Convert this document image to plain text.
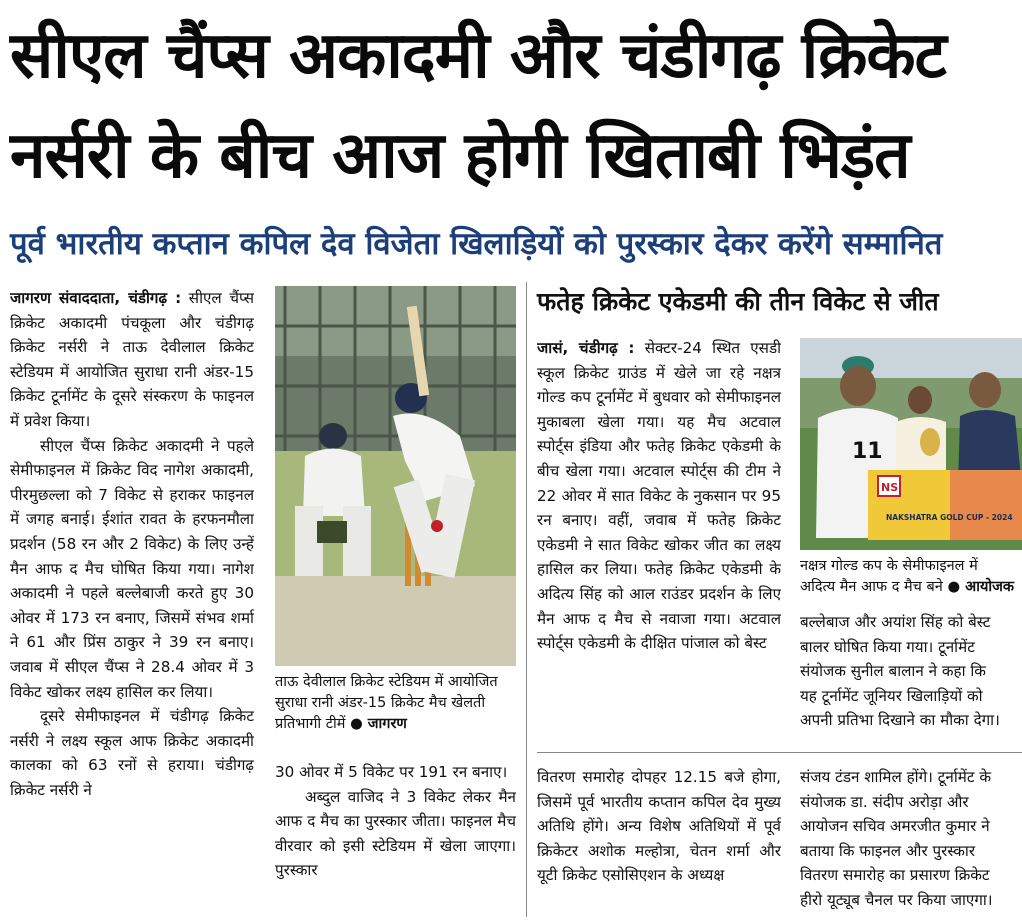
सीएल चैंप्स अकादमी और चंडीगढ़ क्रिकेट
नर्सरी के बीच आज होगी खिताबी भिड़ंत
पूर्व भारतीय कप्तान कपिल देव विजेता खिलाड़ियों को पुरस्कार देकर करेंगे सम्मानित

जागरण संवाददाता, चंडीगढ़ : सीएल चैंप्स क्रिकेट अकादमी पंचकूला और चंडीगढ़ क्रिकेट नर्सरी ने ताऊ देवीलाल क्रिकेट स्टेडियम में आयोजित सुराधा रानी अंडर-15 क्रिकेट टूर्नामेंट के दूसरे संस्करण के फाइनल में प्रवेश किया।

सीएल चैंप्स क्रिकेट अकादमी ने पहले सेमीफाइनल में क्रिकेट विद नागेश अकादमी, पीरमुछल्ला को 7 विकेट से हराकर फाइनल में जगह बनाई। ईशांत रावत के हरफनमौला प्रदर्शन (58 रन और 2 विकेट) के लिए उन्हें मैन आफ द मैच घोषित किया गया। नागेश अकादमी ने पहले बल्लेबाजी करते हुए 30 ओवर में 173 रन बनाए, जिसमें संभव शर्मा ने 61 और प्रिंस ठाकुर ने 39 रन बनाए। जवाब में सीएल चैंप्स ने 28.4 ओवर में 3 विकेट खोकर लक्ष्य हासिल कर लिया।

दूसरे सेमीफाइनल में चंडीगढ़ क्रिकेट नर्सरी ने लक्ष्य स्कूल आफ क्रिकेट अकादमी कालका को 63 रनों से हराया। चंडीगढ़ क्रिकेट नर्सरी ने

ताऊ देवीलाल क्रिकेट स्टेडियम में आयोजित सुराधा रानी अंडर-15 क्रिकेट मैच खेलती प्रतिभागी टीमें ● जागरण

30 ओवर में 5 विकेट पर 191 रन बनाए।

अब्दुल वाजिद ने 3 विकेट लेकर मैन आफ द मैच का पुरस्कार जीता। फाइनल मैच वीरवार को इसी स्टेडियम में खेला जाएगा। पुरस्कार

फतेह क्रिकेट एकेडमी की तीन विकेट से जीत

जासं, चंडीगढ़ : सेक्टर-24 स्थित एसडी स्कूल क्रिकेट ग्राउंड में खेले जा रहे नक्षत्र गोल्ड कप टूर्नामेंट में बुधवार को सेमीफाइनल मुकाबला खेला गया। यह मैच अटवाल स्पोर्ट्स इंडिया और फतेह क्रिकेट एकेडमी के बीच खेला गया। अटवाल स्पोर्ट्स की टीम ने 22 ओवर में सात विकेट के नुकसान पर 95 रन बनाए। वहीं, जवाब में फतेह क्रिकेट एकेडमी ने सात विकेट खोकर जीत का लक्ष्य हासिल कर लिया। फतेह क्रिकेट एकेडमी के अदित्य सिंह को आल राउंडर प्रदर्शन के लिए मैन आफ द मैच से नवाजा गया। अटवाल स्पोर्ट्स एकेडमी के दीक्षित पांजाल को बेस्ट

11
NS
NAKSHATRA GOLD CUP - 2024
नक्षत्र गोल्ड कप के सेमीफाइनल में
अदित्य मैन आफ द मैच बने ● आयोजक
बल्लेबाज और अयांश सिंह को बेस्ट
बालर घोषित किया गया। टूर्नामेंट
संयोजक सुनील बालान ने कहा कि
यह टूर्नामेंट जूनियर खिलाड़ियों को
अपनी प्रतिभा दिखाने का मौका देगा।

वितरण समारोह दोपहर 12.15 बजे होगा, जिसमें पूर्व भारतीय कप्तान कपिल देव मुख्य अतिथि होंगे। अन्य विशेष अतिथियों में पूर्व क्रिकेटर अशोक मल्होत्रा, चेतन शर्मा और यूटी क्रिकेट एसोसिएशन के अध्यक्ष

संजय टंडन शामिल होंगे। टूर्नामेंट के
संयोजक डा. संदीप अरोड़ा और
आयोजन सचिव अमरजीत कुमार ने
बताया कि फाइनल और पुरस्कार
वितरण समारोह का प्रसारण क्रिकेट
हीरो यूट्यूब चैनल पर किया जाएगा।
